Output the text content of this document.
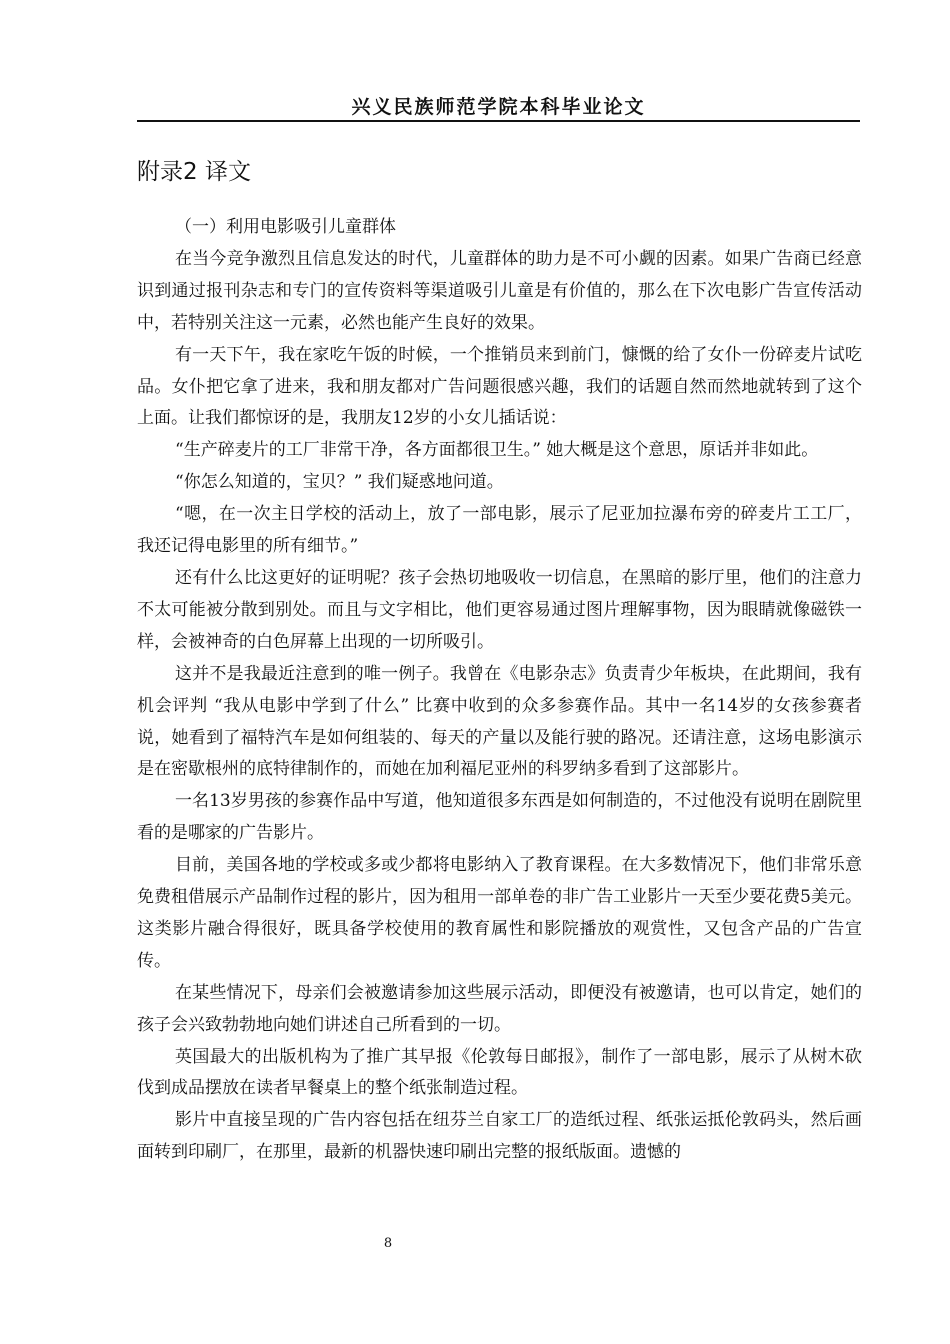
兴义民族师范学院本科毕业论文
附录2 译文

（一）利用电影吸引儿童群体

在当今竞争激烈且信息发达的时代，儿童群体的助力是不可小觑的因素。如果广告商已经意识到通过报刊杂志和专门的宣传资料等渠道吸引儿童是有价值的，那么在下次电影广告宣传活动中，若特别关注这一元素，必然也能产生良好的效果。

有一天下午，我在家吃午饭的时候，一个推销员来到前门，慷慨的给了女仆一份碎麦片试吃品。女仆把它拿了进来，我和朋友都对广告问题很感兴趣，我们的话题自然而然地就转到了这个上面。让我们都惊讶的是，我朋友12岁的小女儿插话说：

“生产碎麦片的工厂非常干净，各方面都很卫生。” 她大概是这个意思，原话并非如此。

“你怎么知道的，宝贝？” 我们疑惑地问道。

“嗯，在一次主日学校的活动上，放了一部电影，展示了尼亚加拉瀑布旁的碎麦片工工厂，我还记得电影里的所有细节。”

还有什么比这更好的证明呢？孩子会热切地吸收一切信息，在黑暗的影厅里，他们的注意力不太可能被分散到别处。而且与文字相比，他们更容易通过图片理解事物，因为眼睛就像磁铁一样，会被神奇的白色屏幕上出现的一切所吸引。

这并不是我最近注意到的唯一例子。我曾在《电影杂志》负责青少年板块，在此期间，我有机会评判 “我从电影中学到了什么” 比赛中收到的众多参赛作品。其中一名14岁的女孩参赛者说，她看到了福特汽车是如何组装的、每天的产量以及能行驶的路况。还请注意，这场电影演示是在密歇根州的底特律制作的，而她在加利福尼亚州的科罗纳多看到了这部影片。

一名13岁男孩的参赛作品中写道，他知道很多东西是如何制造的，不过他没有说明在剧院里看的是哪家的广告影片。

目前，美国各地的学校或多或少都将电影纳入了教育课程。在大多数情况下，他们非常乐意免费租借展示产品制作过程的影片，因为租用一部单卷的非广告工业影片一天至少要花费5美元。这类影片融合得很好，既具备学校使用的教育属性和影院播放的观赏性，又包含产品的广告宣传。

在某些情况下，母亲们会被邀请参加这些展示活动，即便没有被邀请，也可以肯定，她们的孩子会兴致勃勃地向她们讲述自己所看到的一切。

英国最大的出版机构为了推广其早报《伦敦每日邮报》，制作了一部电影，展示了从树木砍伐到成品摆放在读者早餐桌上的整个纸张制造过程。

影片中直接呈现的广告内容包括在纽芬兰自家工厂的造纸过程、纸张运抵伦敦码头，然后画面转到印刷厂，在那里，最新的机器快速印刷出完整的报纸版面。遗憾的

8
